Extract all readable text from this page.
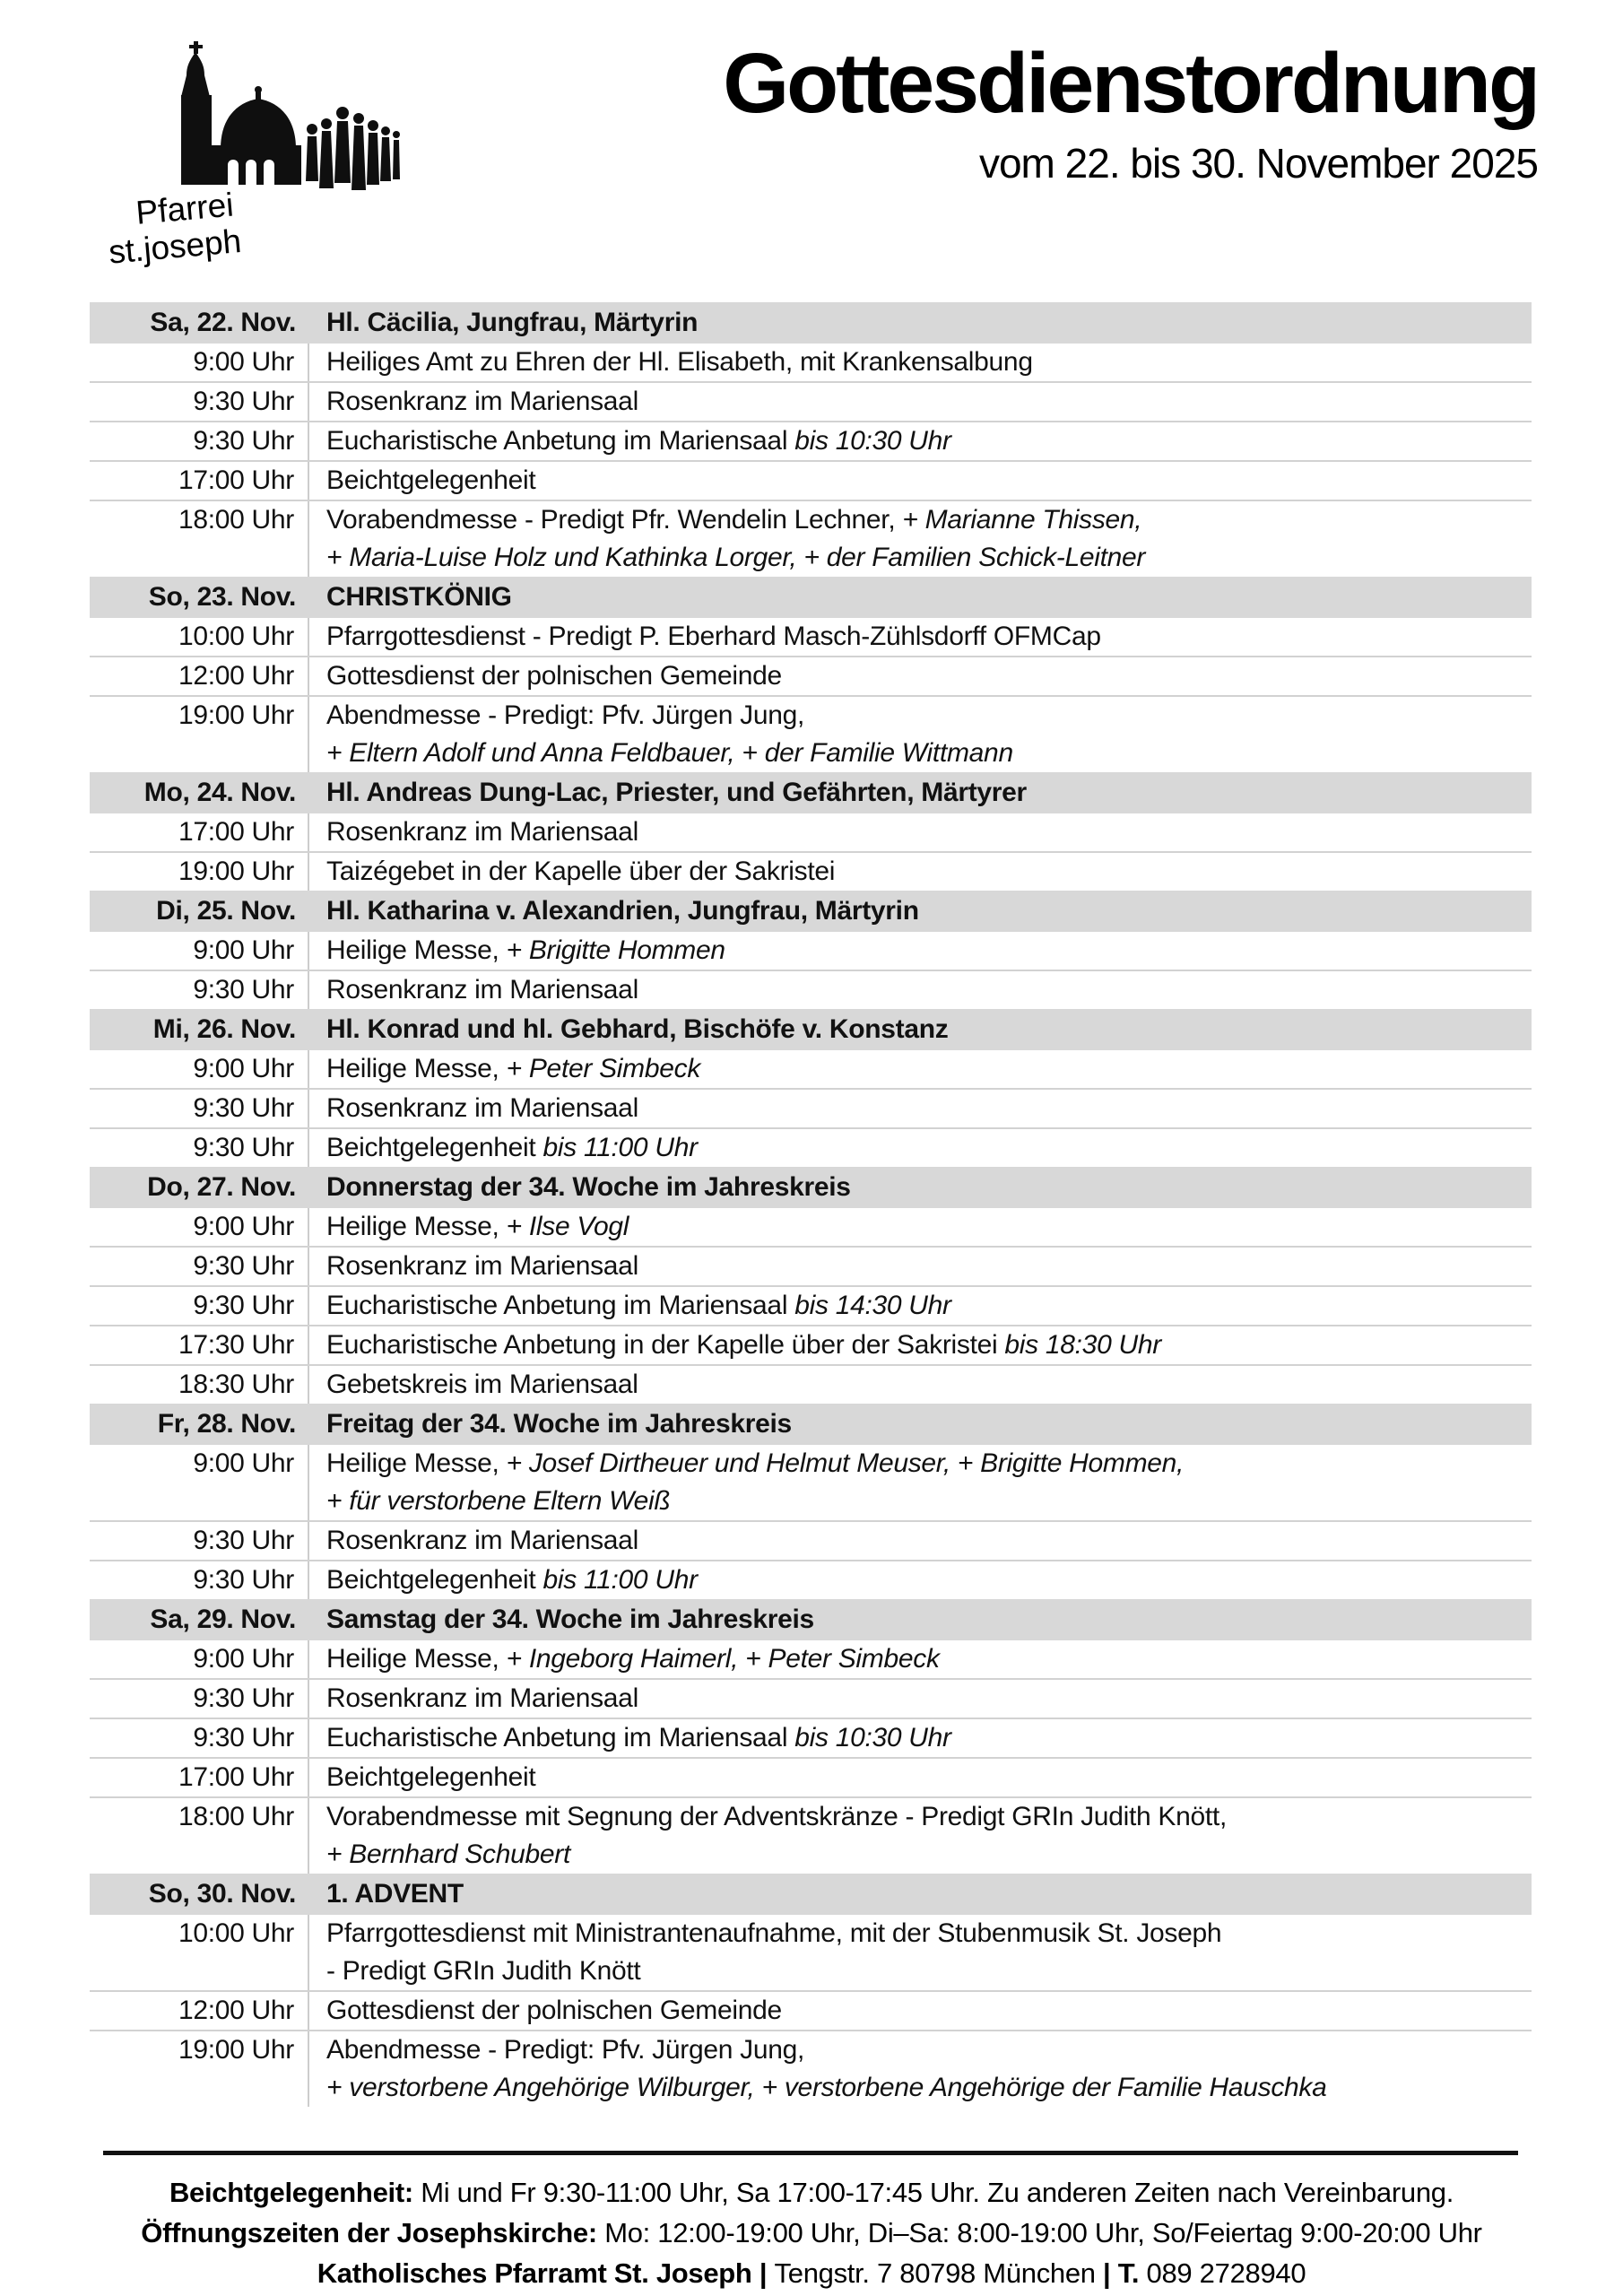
Pfarrei
st.joseph
Gottesdienstordnung
vom 22. bis 30. November 2025
Sa, 22. Nov.	Hl. Cäcilia, Jungfrau, Märtyrin
9:00 Uhr	Heiliges Amt zu Ehren der Hl. Elisabeth, mit Krankensalbung
9:30 Uhr	Rosenkranz im Mariensaal
9:30 Uhr	Eucharistische Anbetung im Mariensaal bis 10:30 Uhr
17:00 Uhr	Beichtgelegenheit
18:00 Uhr	Vorabendmesse - Predigt Pfr. Wendelin Lechner, + Marianne Thissen,
+ Maria-Luise Holz und Kathinka Lorger, + der Familien Schick-Leitner
So, 23. Nov.	CHRISTKÖNIG
10:00 Uhr	Pfarrgottesdienst - Predigt P. Eberhard Masch-Zühlsdorff OFMCap
12:00 Uhr	Gottesdienst der polnischen Gemeinde
19:00 Uhr	Abendmesse - Predigt: Pfv. Jürgen Jung,
+ Eltern Adolf und Anna Feldbauer, + der Familie Wittmann
Mo, 24. Nov.	Hl. Andreas Dung-Lac, Priester, und Gefährten, Märtyrer
17:00 Uhr	Rosenkranz im Mariensaal
19:00 Uhr	Taizégebet in der Kapelle über der Sakristei
Di, 25. Nov.	Hl. Katharina v. Alexandrien, Jungfrau, Märtyrin
9:00 Uhr	Heilige Messe, + Brigitte Hommen
9:30 Uhr	Rosenkranz im Mariensaal
Mi, 26. Nov.	Hl. Konrad und hl. Gebhard, Bischöfe v. Konstanz
9:00 Uhr	Heilige Messe, + Peter Simbeck
9:30 Uhr	Rosenkranz im Mariensaal
9:30 Uhr	Beichtgelegenheit bis 11:00 Uhr
Do, 27. Nov.	Donnerstag der 34. Woche im Jahreskreis
9:00 Uhr	Heilige Messe, + Ilse Vogl
9:30 Uhr	Rosenkranz im Mariensaal
9:30 Uhr	Eucharistische Anbetung im Mariensaal bis 14:30 Uhr
17:30 Uhr	Eucharistische Anbetung in der Kapelle über der Sakristei bis 18:30 Uhr
18:30 Uhr	Gebetskreis im Mariensaal
Fr, 28. Nov.	Freitag der 34. Woche im Jahreskreis
9:00 Uhr	Heilige Messe, + Josef Dirtheuer und Helmut Meuser, + Brigitte Hommen,
+ für verstorbene Eltern Weiß
9:30 Uhr	Rosenkranz im Mariensaal
9:30 Uhr	Beichtgelegenheit bis 11:00 Uhr
Sa, 29. Nov.	Samstag der 34. Woche im Jahreskreis
9:00 Uhr	Heilige Messe, + Ingeborg Haimerl, + Peter Simbeck
9:30 Uhr	Rosenkranz im Mariensaal
9:30 Uhr	Eucharistische Anbetung im Mariensaal bis 10:30 Uhr
17:00 Uhr	Beichtgelegenheit
18:00 Uhr	Vorabendmesse mit Segnung der Adventskränze - Predigt GRIn Judith Knött,
+ Bernhard Schubert
So, 30. Nov.	1. ADVENT
10:00 Uhr	Pfarrgottesdienst mit Ministrantenaufnahme, mit der Stubenmusik St. Joseph
- Predigt GRIn Judith Knött
12:00 Uhr	Gottesdienst der polnischen Gemeinde
19:00 Uhr	Abendmesse - Predigt: Pfv. Jürgen Jung,
+ verstorbene Angehörige Wilburger, + verstorbene Angehörige der Familie Hauschka
Beichtgelegenheit: Mi und Fr 9:30-11:00 Uhr, Sa 17:00-17:45 Uhr. Zu anderen Zeiten nach Vereinbarung.
Öffnungszeiten der Josephskirche: Mo: 12:00-19:00 Uhr, Di–Sa: 8:00-19:00 Uhr, So/Feiertag 9:00-20:00 Uhr
Katholisches Pfarramt St. Joseph | Tengstr. 7 80798 München | T. 089 2728940
